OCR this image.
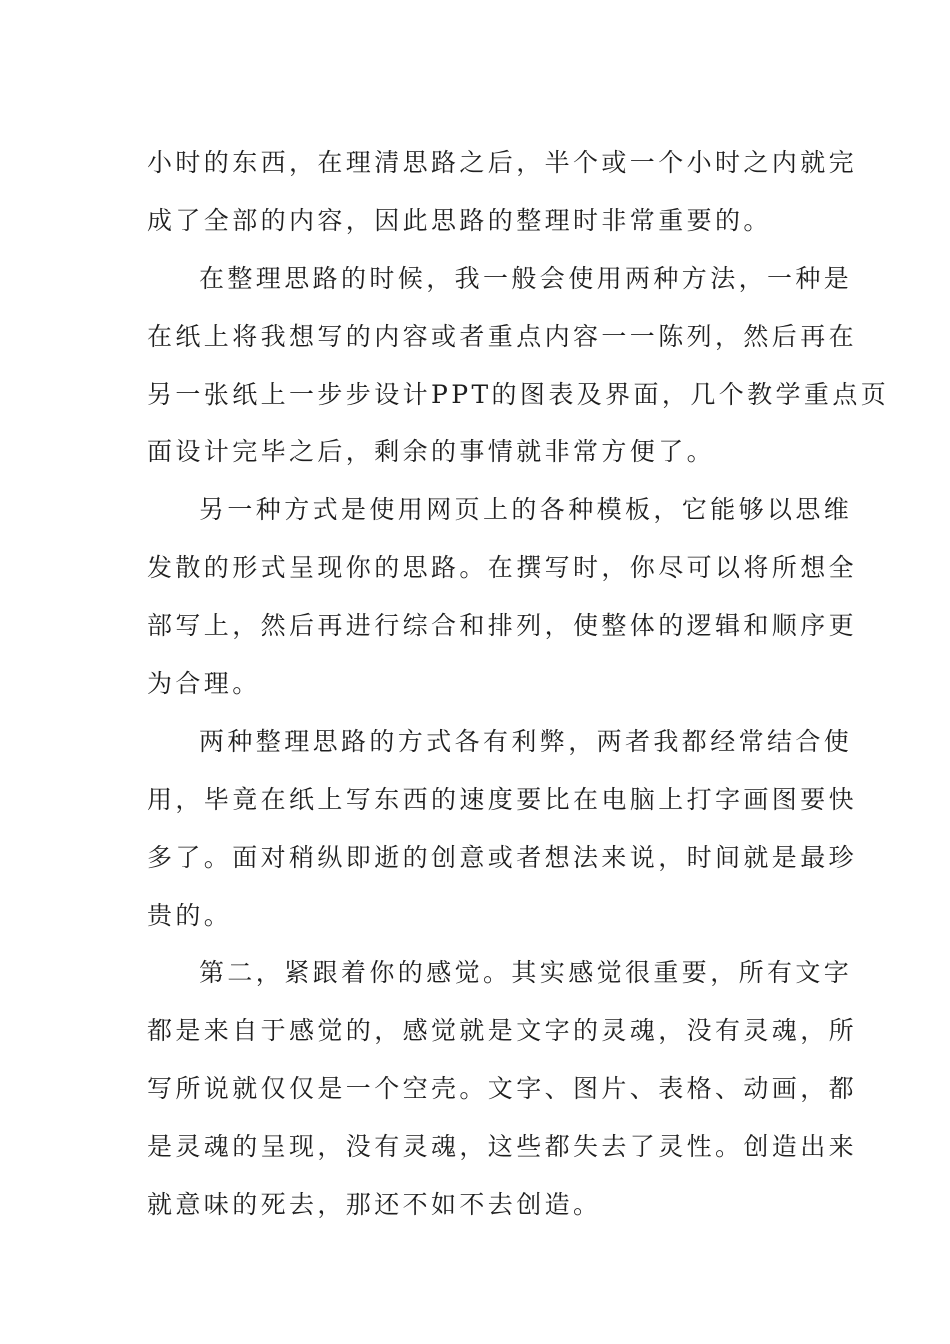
小时的东西，在理清思路之后，半个或一个小时之内就完
成了全部的内容，因此思路的整理时非常重要的。
在整理思路的时候，我一般会使用两种方法，一种是
在纸上将我想写的内容或者重点内容一一陈列，然后再在
另一张纸上一步步设计PPT的图表及界面，几个教学重点页
面设计完毕之后，剩余的事情就非常方便了。
另一种方式是使用网页上的各种模板，它能够以思维
发散的形式呈现你的思路。在撰写时，你尽可以将所想全
部写上，然后再进行综合和排列，使整体的逻辑和顺序更
为合理。
两种整理思路的方式各有利弊，两者我都经常结合使
用，毕竟在纸上写东西的速度要比在电脑上打字画图要快
多了。面对稍纵即逝的创意或者想法来说，时间就是最珍
贵的。
第二，紧跟着你的感觉。其实感觉很重要，所有文字
都是来自于感觉的，感觉就是文字的灵魂，没有灵魂，所
写所说就仅仅是一个空壳。文字、图片、表格、动画，都
是灵魂的呈现，没有灵魂，这些都失去了灵性。创造出来
就意味的死去，那还不如不去创造。
